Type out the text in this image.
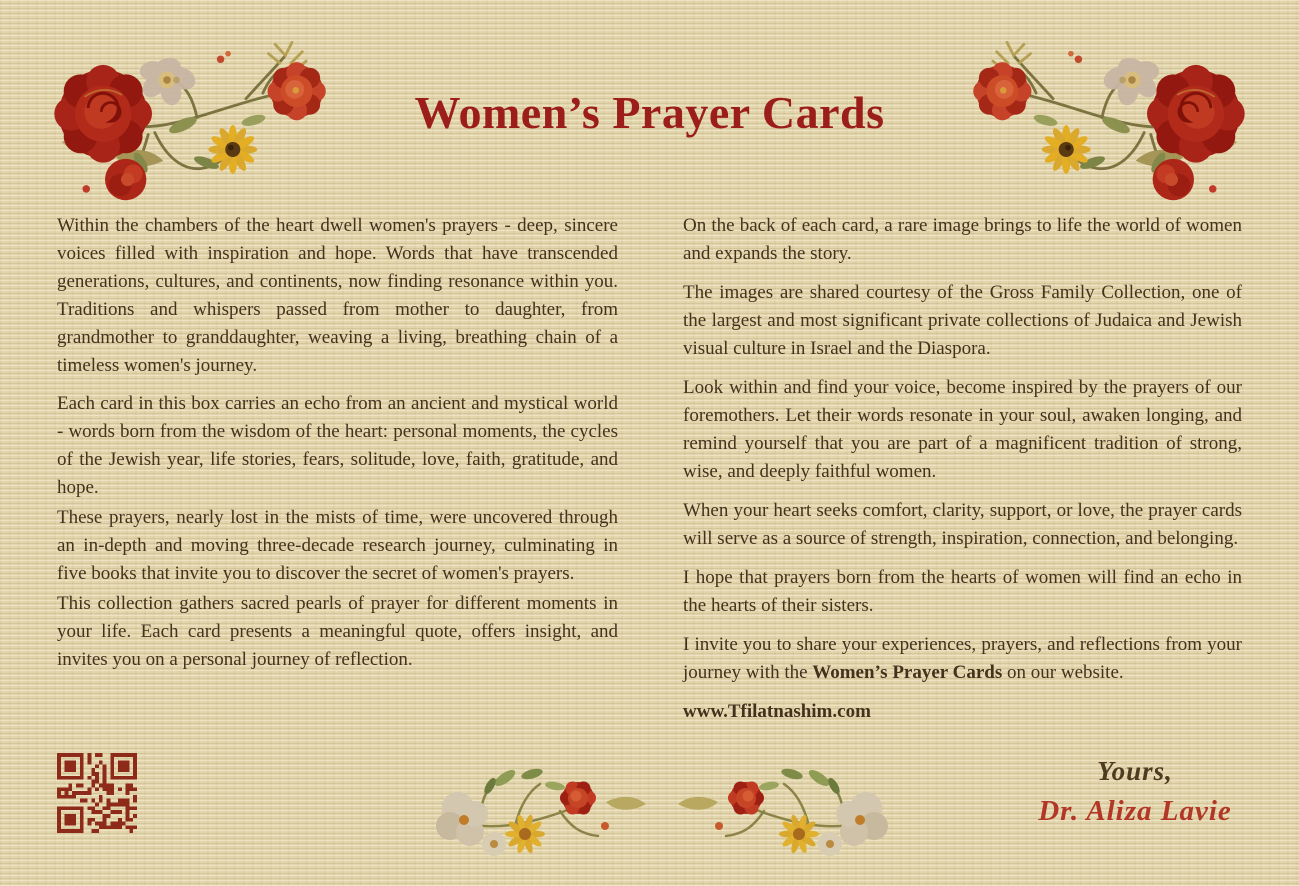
Women’s Prayer Cards

Within the chambers of the heart dwell women's prayers - deep, sincere voices filled with inspiration and hope. Words that have transcended generations, cultures, and continents, now finding resonance within you. Traditions and whispers passed from mother to daughter, from grandmother to granddaughter, weaving a living, breathing chain of a timeless women's journey.

Each card in this box carries an echo from an ancient and mystical world - words born from the wisdom of the heart: personal moments, the cycles of the Jewish year, life stories, fears, solitude, love, faith, gratitude, and hope.

These prayers, nearly lost in the mists of time, were uncovered through an in-depth and moving three-decade research journey, culminating in five books that invite you to discover the secret of women's prayers.

This collection gathers sacred pearls of prayer for different moments in your life. Each card presents a meaningful quote, offers insight, and invites you on a personal journey of reflection.

On the back of each card, a rare image brings to life the world of women and expands the story.

The images are shared courtesy of the Gross Family Collection, one of the largest and most significant private collections of Judaica and Jewish visual culture in Israel and the Diaspora.

Look within and find your voice, become inspired by the prayers of our foremothers. Let their words resonate in your soul, awaken longing, and remind yourself that you are part of a magnificent tradition of strong, wise, and deeply faithful women.

When your heart seeks comfort, clarity, support, or love, the prayer cards will serve as a source of strength, inspiration, connection, and belonging.

I hope that prayers born from the hearts of women will find an echo in the hearts of their sisters.

I invite you to share your experiences, prayers, and reflections from your journey with the Women’s Prayer Cards on our website.

www.Tfilatnashim.com
Yours,
Dr. Aliza Lavie
